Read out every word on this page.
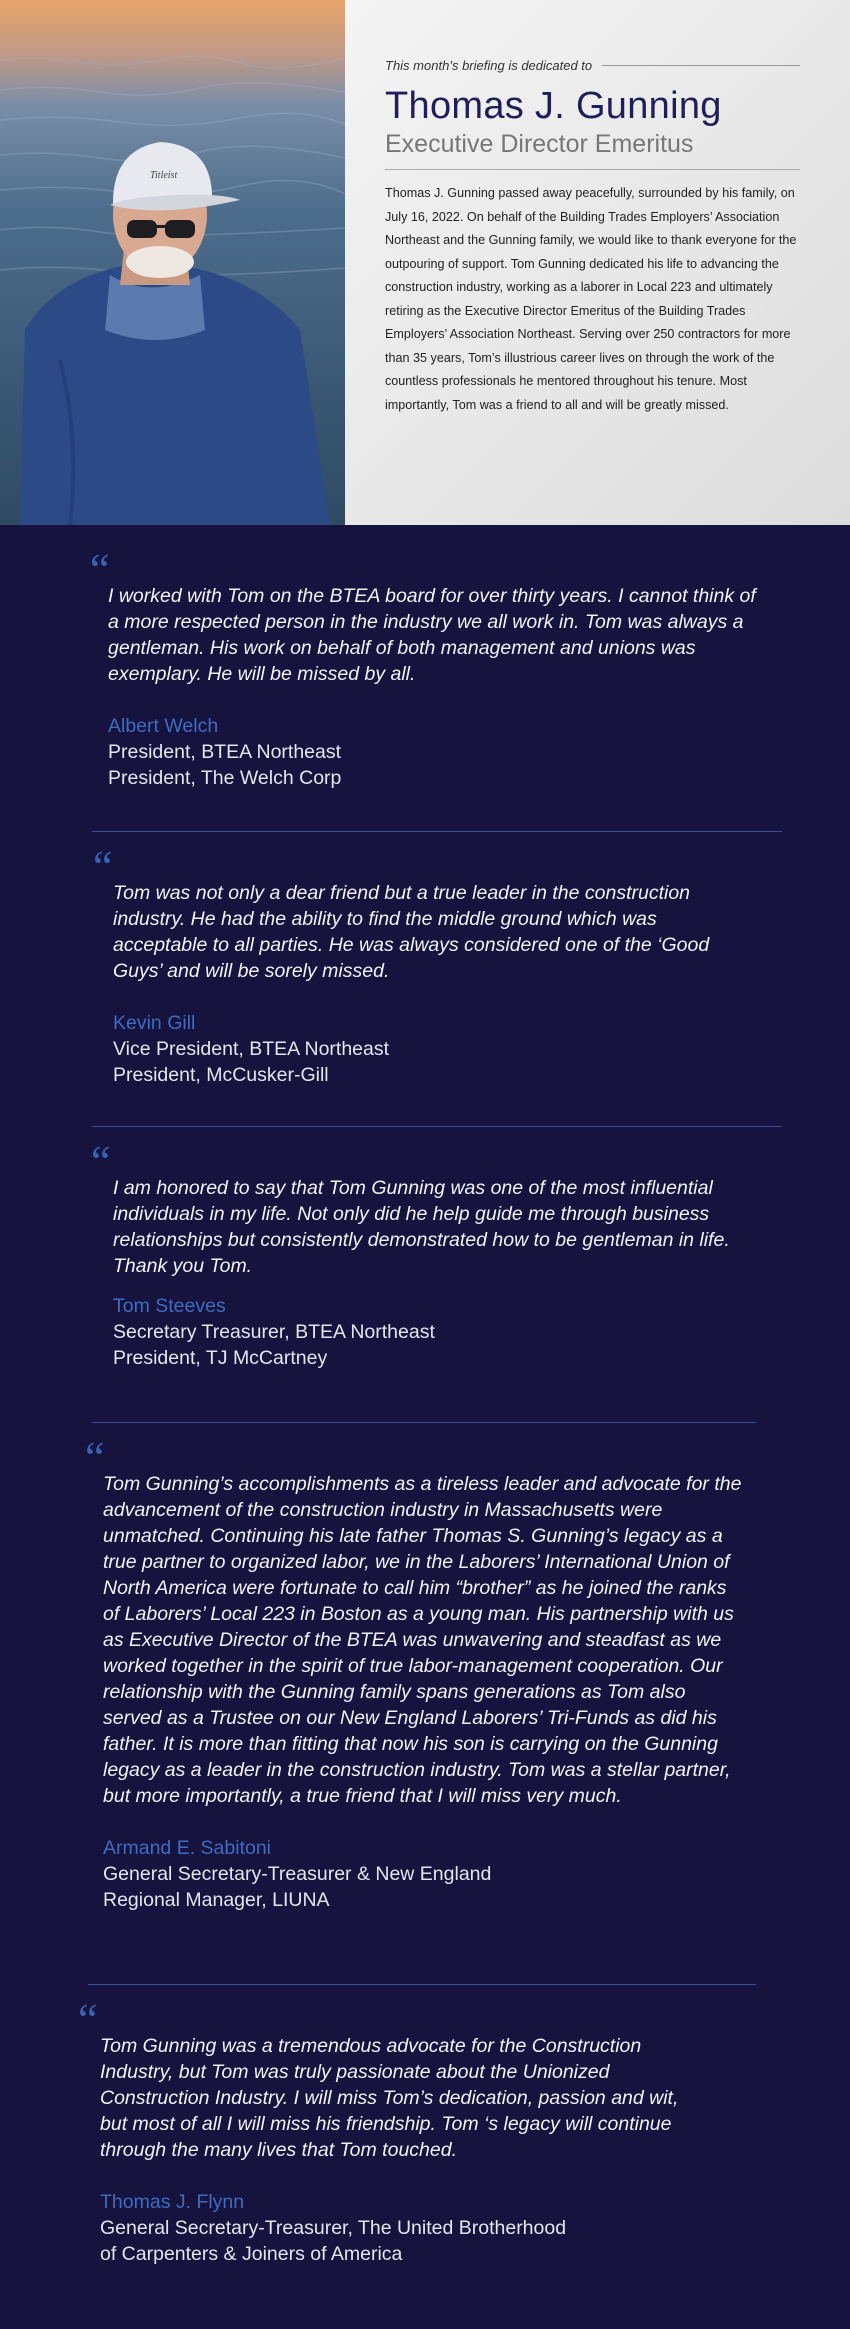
Titleist
This month’s briefing is dedicated to
Thomas J. Gunning
Executive Director Emeritus
Thomas J. Gunning passed away peacefully, surrounded by his family, on July 16, 2022. On behalf of the Building Trades Employers’ Association Northeast and the Gunning family, we would like to thank everyone for the outpouring of support. Tom Gunning dedicated his life to advancing the construction industry, working as a laborer in Local 223 and ultimately retiring as the Executive Director Emeritus of the Building Trades Employers’ Association Northeast. Serving over 250 contractors for more than 35 years, Tom’s illustrious career lives on through the work of the countless professionals he mentored throughout his tenure. Most importantly, Tom was a friend to all and will be greatly missed.
“
I worked with Tom on the BTEA board for over thirty years. I cannot think of a more respected person in the industry we all work in. Tom was always a gentleman. His work on behalf of both management and unions was exemplary. He will be missed by all.
Albert Welch
President, BTEA Northeast
President, The Welch Corp
“
Tom was not only a dear friend but a true leader in the construction industry. He had the ability to find the middle ground which was acceptable to all parties. He was always considered one of the ‘Good Guys’ and will be sorely missed.
Kevin Gill
Vice President, BTEA Northeast
President, McCusker-Gill
“
I am honored to say that Tom Gunning was one of the most influential individuals in my life. Not only did he help guide me through business relationships but consistently demonstrated how to be gentleman in life. Thank you Tom.
Tom Steeves
Secretary Treasurer, BTEA Northeast
President, TJ McCartney
“
Tom Gunning’s accomplishments as a tireless leader and advocate for the advancement of the construction industry in Massachusetts were unmatched. Continuing his late father Thomas S. Gunning’s legacy as a true partner to organized labor, we in the Laborers’ International Union of North America were fortunate to call him “brother” as he joined the ranks of Laborers’ Local 223 in Boston as a young man. His partnership with us as Executive Director of the BTEA was unwavering and steadfast as we worked together in the spirit of true labor-management cooperation. Our relationship with the Gunning family spans generations as Tom also served as a Trustee on our New England Laborers’ Tri-Funds as did his father. It is more than fitting that now his son is carrying on the Gunning legacy as a leader in the construction industry. Tom was a stellar partner, but more importantly, a true friend that I will miss very much.
Armand E. Sabitoni
General Secretary-Treasurer & New England
Regional Manager, LIUNA
“
Tom Gunning was a tremendous advocate for the Construction Industry, but Tom was truly passionate about the Unionized Construction Industry. I will miss Tom’s dedication, passion and wit, but most of all I will miss his friendship. Tom ‘s legacy will continue through the many lives that Tom touched.
Thomas J. Flynn
General Secretary-Treasurer, The United Brotherhood
of Carpenters & Joiners of America
